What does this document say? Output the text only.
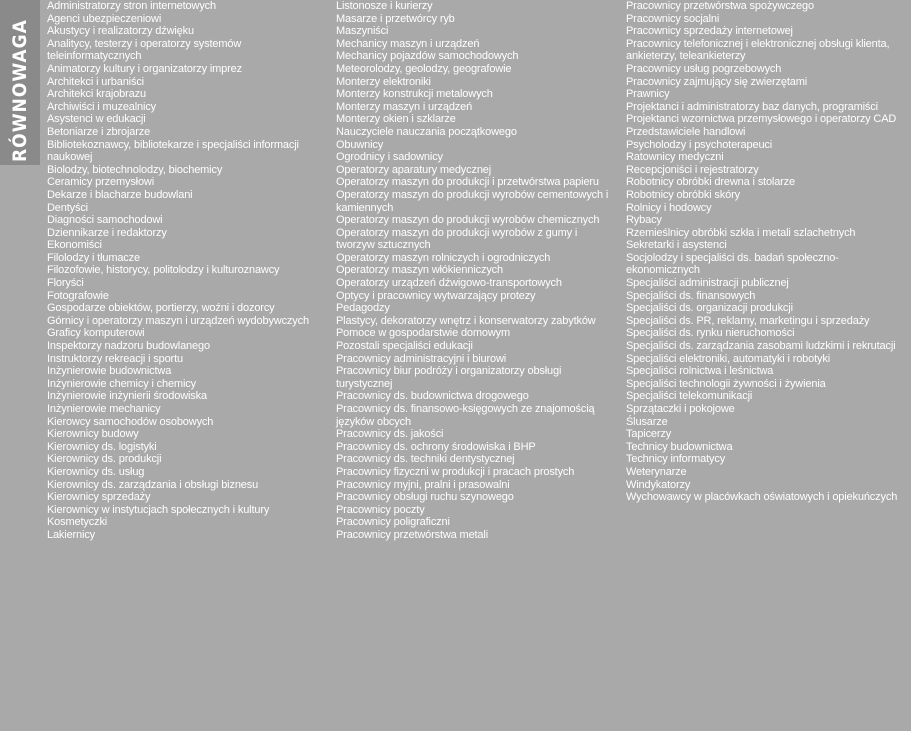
RÓWNOWAGA
Administratorzy stron internetowych
Agenci ubezpieczeniowi
Akustycy i realizatorzy dźwięku
Analitycy, testerzy i operatorzy systemów teleinformatycznych
Animatorzy kultury i organizatorzy imprez
Architekci i urbaniści
Architekci krajobrazu
Archiwiści i muzealnicy
Asystenci w edukacji
Betoniarze i zbrojarze
Bibliotekoznawcy, bibliotekarze i specjaliści informacji naukowej
Biolodzy, biotechnolodzy, biochemicy
Ceramicy przemysłowi
Dekarze i blacharze budowlani
Dentyści
Diagności samochodowi
Dziennikarze i redaktorzy
Ekonomiści
Filolodzy i tłumacze
Filozofowie, historycy, politolodzy i kulturoznawcy
Floryści
Fotografowie
Gospodarze obiektów, portierzy, woźni i dozorcy
Górnicy i operatorzy maszyn i urządzeń wydobywczych
Graficy komputerowi
Inspektorzy nadzoru budowlanego
Instruktorzy rekreacji i sportu
Inżynierowie budownictwa
Inżynierowie chemicy i chemicy
Inżynierowie inżynierii środowiska
Inżynierowie mechanicy
Kierowcy samochodów osobowych
Kierownicy budowy
Kierownicy ds. logistyki
Kierownicy ds. produkcji
Kierownicy ds. usług
Kierownicy ds. zarządzania i obsługi biznesu
Kierownicy sprzedaży
Kierownicy w instytucjach społecznych i kultury
Kosmetyczki
Lakiernicy
Listonosze i kurierzy
Masarze i przetwórcy ryb
Maszyniści
Mechanicy maszyn i urządzeń
Mechanicy pojazdów samochodowych
Meteorolodzy, geolodzy, geografowie
Monterzy elektroniki
Monterzy konstrukcji metalowych
Monterzy maszyn i urządzeń
Monterzy okien i szklarze
Nauczyciele nauczania początkowego
Obuwnicy
Ogrodnicy i sadownicy
Operatorzy aparatury medycznej
Operatorzy maszyn do produkcji i przetwórstwa papieru
Operatorzy maszyn do produkcji wyrobów cementowych i kamiennych
Operatorzy maszyn do produkcji wyrobów chemicznych
Operatorzy maszyn do produkcji wyrobów z gumy i tworzyw sztucznych
Operatorzy maszyn rolniczych i ogrodniczych
Operatorzy maszyn włókienniczych
Operatorzy urządzeń dźwigowo-transportowych
Optycy i pracownicy wytwarzający protezy
Pedagodzy
Plastycy, dekoratorzy wnętrz i konserwatorzy zabytków
Pomoce w gospodarstwie domowym
Pozostali specjaliści edukacji
Pracownicy administracyjni i biurowi
Pracownicy biur podróży i organizatorzy obsługi turystycznej
Pracownicy ds. budownictwa drogowego
Pracownicy ds. finansowo-księgowych ze znajomością języków obcych
Pracownicy ds. jakości
Pracownicy ds. ochrony środowiska i BHP
Pracownicy ds. techniki dentystycznej
Pracownicy fizyczni w produkcji i pracach prostych
Pracownicy myjni, pralni i prasowalni
Pracownicy obsługi ruchu szynowego
Pracownicy poczty
Pracownicy poligraficzni
Pracownicy przetwórstwa metali
Pracownicy przetwórstwa spożywczego
Pracownicy socjalni
Pracownicy sprzedaży internetowej
Pracownicy telefonicznej i elektronicznej obsługi klienta, ankieterzy, teleankieterzy
Pracownicy usług pogrzebowych
Pracownicy zajmujący się zwierzętami
Prawnicy
Projektanci i administratorzy baz danych, programiści
Projektanci wzornictwa przemysłowego i operatorzy CAD
Przedstawiciele handlowi
Psycholodzy i psychoterapeuci
Ratownicy medyczni
Recepcjoniści i rejestratorzy
Robotnicy obróbki drewna i stolarze
Robotnicy obróbki skóry
Rolnicy i hodowcy
Rybacy
Rzemieślnicy obróbki szkła i metali szlachetnych
Sekretarki i asystenci
Socjolodzy i specjaliści ds. badań społeczno-ekonomicznych
Specjaliści administracji publicznej
Specjaliści ds. finansowych
Specjaliści ds. organizacji produkcji
Specjaliści ds. PR, reklamy, marketingu i sprzedaży
Specjaliści ds. rynku nieruchomości
Specjaliści ds. zarządzania zasobami ludzkimi i rekrutacji
Specjaliści elektroniki, automatyki i robotyki
Specjaliści rolnictwa i leśnictwa
Specjaliści technologii żywności i żywienia
Specjaliści telekomunikacji
Sprzątaczki i pokojowe
Ślusarze
Tapicerzy
Technicy budownictwa
Technicy informatycy
Weterynarze
Windykatorzy
Wychowawcy w placówkach oświatowych i opiekuńczych
